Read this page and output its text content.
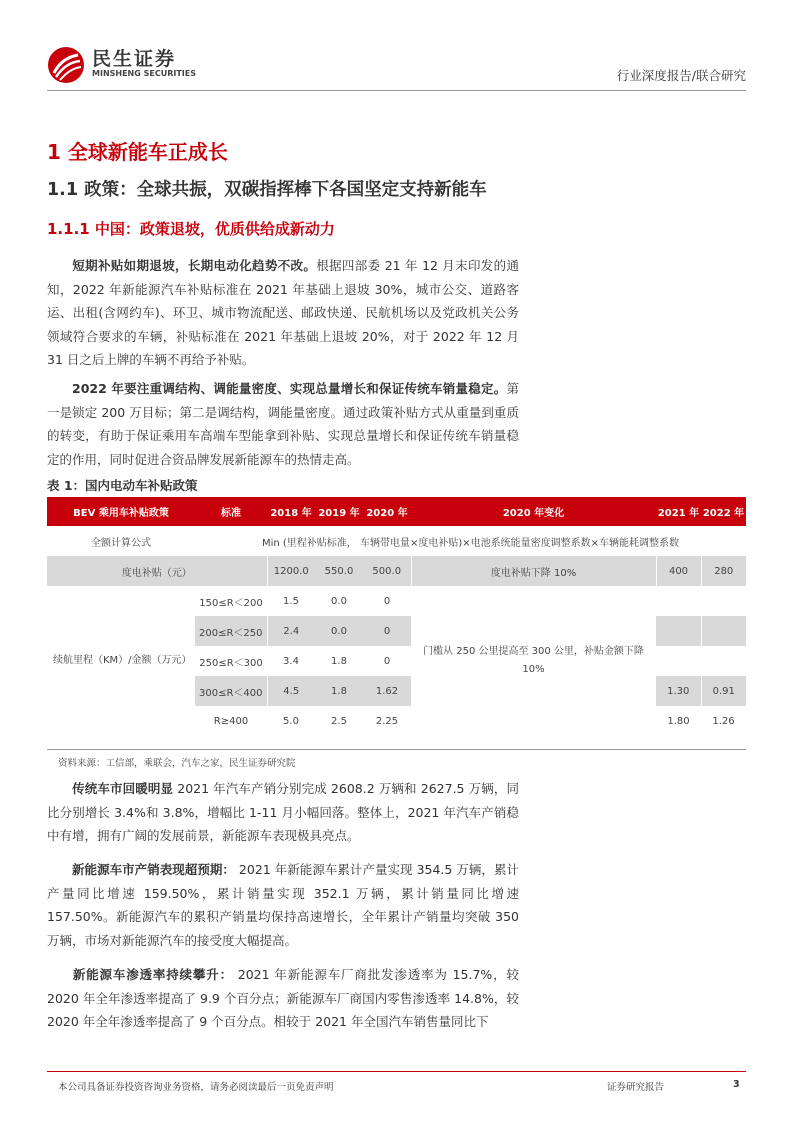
民生证券
MINSHENG SECURITIES	行业深度报告/联合研究
1 全球新能车正成长
1.1 政策：全球共振，双碳指挥棒下各国坚定支持新能车
1.1.1 中国：政策退坡，优质供给成新动力
短期补贴如期退坡，长期电动化趋势不改。根据四部委 21 年 12 月末印发的通知，2022 年新能源汽车补贴标准在 2021 年基础上退坡 30%，城市公交、道路客运、出租(含网约车)、环卫、城市物流配送、邮政快递、民航机场以及党政机关公务领域符合要求的车辆，补贴标准在 2021 年基础上退坡 20%，对于 2022 年 12 月 31 日之后上牌的车辆不再给予补贴。
2022 年要注重调结构、调能量密度、实现总量增长和保证传统车销量稳定。第一是锁定 200 万目标；第二是调结构，调能量密度。通过政策补贴方式从重量到重质的转变，有助于保证乘用车高端车型能拿到补贴、实现总量增长和保证传统车销量稳定的作用，同时促进合资品牌发展新能源车的热情走高。
表 1：国内电动车补贴政策
BEV 乘用车补贴政策	标准	2018 年	2019 年	2020 年	2020 年变化	2021 年	2022 年
全额计算公式	Min (里程补贴标准， 车辆带电量×度电补贴)×电池系统能量密度调整系数×车辆能耗调整系数						
度电补贴（元）		1200.0	550.0	500.0	度电补贴下降 10%	400	280
续航里程（KM）/金额（万元）	150≤R＜200	1.5	0.0	0	门槛从 250 公里提高至 300 公里，补贴金额下降 10%		
	200≤R＜250	2.4	0.0	0			
	250≤R＜300	3.4	1.8	0			
	300≤R＜400	4.5	1.8	1.62		1.30	0.91
	R≥400	5.0	2.5	2.25		1.80	1.26
资料来源：工信部，乘联会，汽车之家，民生证券研究院
传统车市回暖明显 2021 年汽车产销分别完成 2608.2 万辆和 2627.5 万辆，同比分别增长 3.4%和 3.8%，增幅比 1-11 月小幅回落。整体上，2021 年汽车产销稳中有增，拥有广阔的发展前景，新能源车表现极具亮点。
新能源车市产销表现超预期： 2021 年新能源车累计产量实现 354.5 万辆，累计产量同比增速 159.50%，累计销量实现 352.1 万辆，累计销量同比增速 157.50%。新能源汽车的累积产销量均保持高速增长，全年累计产销量均突破 350 万辆，市场对新能源汽车的接受度大幅提高。
新能源车渗透率持续攀升： 2021 年新能源车厂商批发渗透率为 15.7%，较 2020 年全年渗透率提高了 9.9 个百分点；新能源车厂商国内零售渗透率 14.8%，较 2020 年全年渗透率提高了 9 个百分点。相较于 2021 年全国汽车销售量同比下
本公司具备证券投资咨询业务资格，请务必阅读最后一页免责声明	证券研究报告	3
